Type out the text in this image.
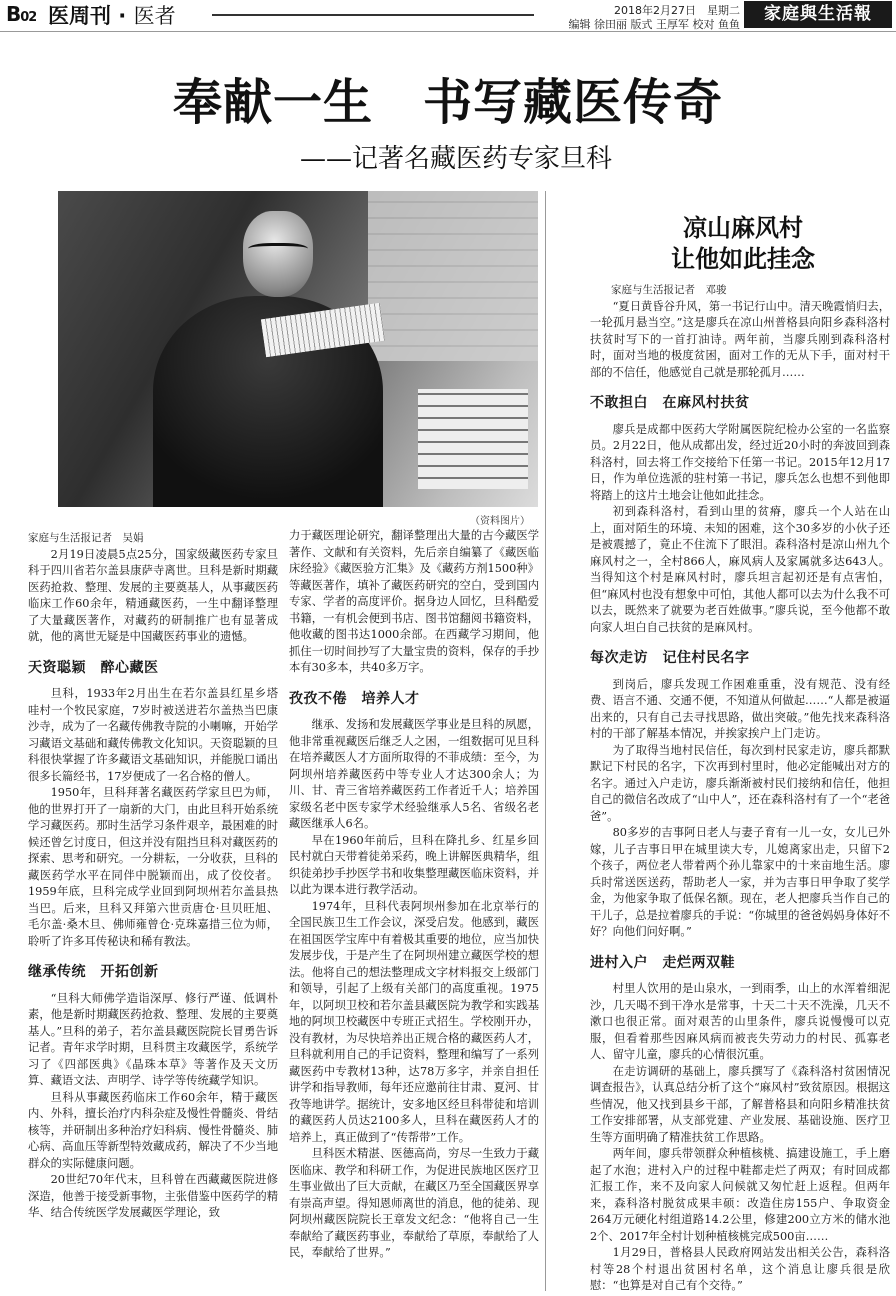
B02 医周刊 · 医者	2018年2月27日　星期二
编辑 徐田丽 版式 王厚军 校对 鱼鱼
家庭與生活報
奉献一生　书写藏医传奇
——记著名藏医药专家旦科
（资料图片）

家庭与生活报记者　吴娟

2月19日凌晨5点25分，国家级藏医药专家旦科于四川省若尔盖县康萨寺离世。旦科是新时期藏医药抢救、整理、发展的主要奠基人，从事藏医药临床工作60余年，精通藏医药，一生中翻译整理了大量藏医著作，对藏药的研制推广也有显著成就，他的离世无疑是中国藏医药事业的遗憾。

天资聪颖　醉心藏医

旦科，1933年2月出生在若尔盖县红星乡塔哇村一个牧民家庭，7岁时被送进若尔盖热当巴康沙寺，成为了一名藏传佛教寺院的小喇嘛，开始学习藏语文基础和藏传佛教文化知识。天资聪颖的旦科很快掌握了许多藏语文基础知识，并能脱口诵出很多长篇经书，17岁便成了一名合格的僧人。

1950年，旦科拜著名藏医药学家旦巴为师，他的世界打开了一扇新的大门，由此旦科开始系统学习藏医药。那时生活学习条件艰辛，最困难的时候还曾乞讨度日，但这并没有阻挡旦科对藏医药的探索、思考和研究。一分耕耘，一分收获，旦科的藏医药学水平在同伴中脱颖而出，成了佼佼者。1959年底，旦科完成学业回到阿坝州若尔盖县热当巴。后来，旦科又拜第六世贡唐仓·旦贝旺旭、毛尔盖·桑木旦、佛师雍曾仓·克珠嘉措三位为师，聆听了许多耳传秘诀和稀有教法。

继承传统　开拓创新

“旦科大师佛学造诣深厚、修行严谨、低调朴素，他是新时期藏医药抢救、整理、发展的主要奠基人。”旦科的弟子，若尔盖县藏医院院长冒勇告诉记者。青年求学时期，旦科贯主攻藏医学，系统学习了《四部医典》《晶珠本草》等著作及天文历算、藏语文法、声明学、诗学等传统藏学知识。

旦科从事藏医药临床工作60余年，精于藏医内、外科，擅长治疗内科杂症及慢性骨髓炎、骨结核等，并研制出多种治疗妇科病、慢性骨髓炎、肺心病、高血压等新型特效藏成药，解决了不少当地群众的实际健康问题。

20世纪70年代末，旦科曾在西藏藏医院进修深造，他善于接受新事物，主张借鉴中医药学的精华、结合传统医学发展藏医学理论，致

力于藏医理论研究，翻译整理出大量的古今藏医学著作、文献和有关资料，先后亲自编纂了《藏医临床经验》《藏医验方汇集》及《藏药方剂1500种》等藏医著作，填补了藏医药研究的空白，受到国内专家、学者的高度评价。据身边人回忆，旦科酷爱书籍，一有机会便到书店、图书馆翻阅书籍资料，他收藏的图书达1000余部。在西藏学习期间，他抓住一切时间抄写了大量宝贵的资料，保存的手抄本有30多本，共40多万字。

孜孜不倦　培养人才

继承、发扬和发展藏医学事业是旦科的夙愿，他非常重视藏医后继乏人之困，一组数据可见旦科在培养藏医人才方面所取得的不菲成绩：至今，为阿坝州培养藏医药中等专业人才达300余人；为川、甘、青三省培养藏医药工作者近千人；培养国家级名老中医专家学术经验继承人5名、省级名老藏医继承人6名。

早在1960年前后，旦科在降扎乡、红星乡回民村就白天带着徒弟采药，晚上讲解医典精华，组织徒弟抄手抄医学书和收集整理藏医临床资料，并以此为课本进行教学活动。

1974年，旦科代表阿坝州参加在北京举行的全国民族卫生工作会议，深受启发。他感到，藏医在祖国医学宝库中有着极其重要的地位，应当加快发展步伐，于是产生了在阿坝州建立藏医学校的想法。他将自己的想法整理成文字材料报交上级部门和领导，引起了上级有关部门的高度重视。1975年，以阿坝卫校和若尔盖县藏医院为教学和实践基地的阿坝卫校藏医中专班正式招生。学校刚开办，没有教材，为尽快培养出正规合格的藏医药人才，旦科就利用自己的手记资料，整理和编写了一系列藏医药中专教材13种，达78万多字，并亲自担任讲学和指导教师，每年还应邀前往甘肃、夏河、甘孜等地讲学。据统计，安多地区经旦科带徒和培训的藏医药人员达2100多人，旦科在藏医药人才的培养上，真正做到了“传帮带”工作。

旦科医术精湛、医德高尚，穷尽一生致力于藏医临床、教学和科研工作，为促进民族地区医疗卫生事业做出了巨大贡献，在藏区乃至全国藏医界享有崇高声望。得知恩师离世的消息，他的徒弟、现阿坝州藏医院院长王章发文纪念：“他将自己一生奉献给了藏医药事业，奉献给了草原，奉献给了人民，奉献给了世界。”

凉山麻风村
让他如此挂念

家庭与生活报记者　邓骏

“夏日黄昏谷升风，第一书记行山中。清天晚霞悄归去，一轮孤月悬当空。”这是廖兵在凉山州普格县向阳乡森科洛村扶贫时写下的一首打油诗。两年前，当廖兵刚到森科洛村时，面对当地的极度贫困，面对工作的无从下手，面对村干部的不信任，他感觉自己就是那轮孤月……

不敢担白　在麻风村扶贫

廖兵是成都中医药大学附属医院纪检办公室的一名监察员。2月22日，他从成都出发，经过近20小时的奔波回到森科洛村，回去将工作交接给下任第一书记。2015年12月17日，作为单位选派的驻村第一书记，廖兵怎么也想不到他即将踏上的这片土地会让他如此挂念。

初到森科洛村，看到山里的贫瘠，廖兵一个人站在山上，面对陌生的环境、未知的困难，这个30多岁的小伙子还是被震撼了，竟止不住流下了眼泪。森科洛村是凉山州九个麻风村之一，全村866人，麻风病人及家属就多达643人。当得知这个村是麻风村时，廖兵坦言起初还是有点害怕，但“麻风村也没有想象中可怕，其他人都可以去为什么我不可以去，既然来了就要为老百姓做事。”廖兵说，至今他都不敢向家人坦白自己扶贫的是麻风村。

每次走访　记住村民名字

到岗后，廖兵发现工作困难重重，没有规范、没有经费、语言不通、交通不便，不知道从何做起……“人都是被逼出来的，只有自己去寻找思路，做出突破。”他先找来森科洛村的干部了解基本情况，并挨家挨户上门走访。

为了取得当地村民信任，每次到村民家走访，廖兵都默默记下村民的名字，下次再到村里时，他必定能喊出对方的名字。通过入户走访，廖兵渐渐被村民们接纳和信任，他担自己的微信名改成了“山中人”，还在森科洛村有了一个“老爸爸”。

80多岁的吉事阿日老人与妻子育有一儿一女，女儿已外嫁，儿子吉事日甲在城里读大专，儿媳离家出走，只留下2个孩子，两位老人带着两个孙儿靠家中的十来亩地生活。廖兵时常送医送药，帮助老人一家，并为吉事日甲争取了奖学金，为他家争取了低保名额。现在，老人把廖兵当作自己的干儿子，总是拉着廖兵的手说：“你城里的爸爸妈妈身体好不好？向他们问好啊。”

进村入户　走烂两双鞋

村里人饮用的是山泉水，一到雨季，山上的水浑着细泥沙，几天喝不到干净水是常事，十天二十天不洗澡，几天不漱口也很正常。面对艰苦的山里条件，廖兵说慢慢可以克服，但看着那些因麻风病而被丧失劳动力的村民、孤寡老人、留守儿童，廖兵的心情很沉重。

在走访调研的基础上，廖兵撰写了《森科洛村贫困情况调查报告》，认真总结分析了这个“麻风村”致贫原因。根据这些情况，他又找到县乡干部，了解普格县和向阳乡精准扶贫工作安排部署，从支部党建、产业发展、基础设施、医疗卫生等方面明确了精准扶贫工作思路。

两年间，廖兵带领群众种植核桃、搞建设施工，手上磨起了水泡；进村入户的过程中鞋都走烂了两双；有时回成都汇报工作，来不及向家人问候就又匆忙赶上返程。但两年来，森科洛村脱贫成果丰硕：改造住房155户、争取资金264万元硬化村组道路14.2公里，修建200立方米的储水池2个、2017年全村计划种植核桃完成500亩……

1月29日，普格县人民政府网站发出相关公告，森科洛村等28个村退出贫困村名单，这个消息让廖兵很是欣慰：“也算是对自己有个交待。”
